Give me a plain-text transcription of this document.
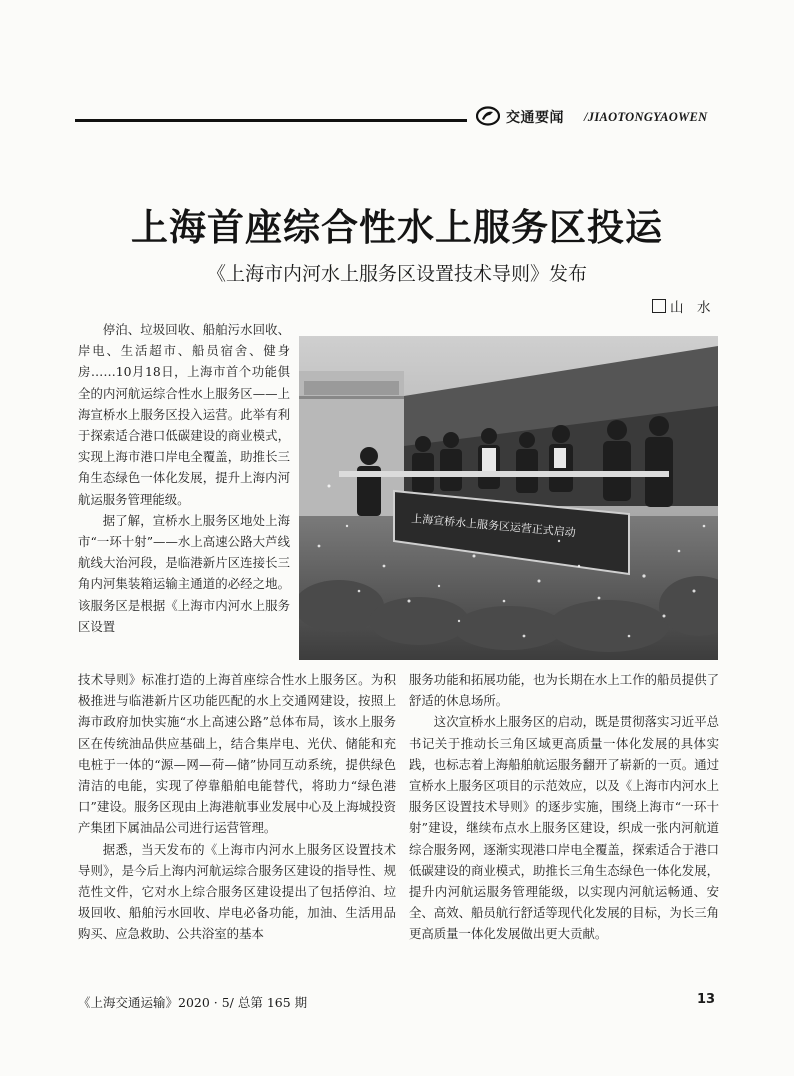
交通要闻 /JIAOTONGYAOWEN
上海首座综合性水上服务区投运
《上海市内河水上服务区设置技术导则》发布
山　水

停泊、垃圾回收、船舶污水回收、岸电、生活超市、船员宿舍、健身房……10月18日，上海市首个功能俱全的内河航运综合性水上服务区——上海宣桥水上服务区投入运营。此举有利于探索适合港口低碳建设的商业模式，实现上海市港口岸电全覆盖，助推长三角生态绿色一体化发展，提升上海内河航运服务管理能级。

据了解，宣桥水上服务区地处上海市“一环十射”——水上高速公路大芦线航线大治河段，是临港新片区连接长三角内河集装箱运输主通道的必经之地。该服务区是根据《上海市内河水上服务区设置

技术导则》标准打造的上海首座综合性水上服务区。为积极推进与临港新片区功能匹配的水上交通网建设，按照上海市政府加快实施“水上高速公路”总体布局，该水上服务区在传统油品供应基础上，结合集岸电、光伏、储能和充电桩于一体的“源—网—荷—储”协同互动系统，提供绿色清洁的电能，实现了停靠船舶电能替代，将助力“绿色港口”建设。服务区现由上海港航事业发展中心及上海城投资产集团下属油品公司进行运营管理。

据悉，当天发布的《上海市内河水上服务区设置技术导则》，是今后上海内河航运综合服务区建设的指导性、规范性文件，它对水上综合服务区建设提出了包括停泊、垃圾回收、船舶污水回收、岸电必备功能，加油、生活用品购买、应急救助、公共浴室的基本

服务功能和拓展功能，也为长期在水上工作的船员提供了舒适的休息场所。

这次宣桥水上服务区的启动，既是贯彻落实习近平总书记关于推动长三角区域更高质量一体化发展的具体实践，也标志着上海船舶航运服务翻开了崭新的一页。通过宣桥水上服务区项目的示范效应，以及《上海市内河水上服务区设置技术导则》的逐步实施，围绕上海市“一环十射”建设，继续布点水上服务区建设，织成一张内河航道综合服务网，逐渐实现港口岸电全覆盖，探索适合于港口低碳建设的商业模式，助推长三角生态绿色一体化发展，提升内河航运服务管理能级，以实现内河航运畅通、安全、高效、船员航行舒适等现代化发展的目标，为长三角更高质量一体化发展做出更大贡献。

上海宣桥水上服务区运营正式启动
《上海交通运输》2020 · 5/ 总第 165 期	13
